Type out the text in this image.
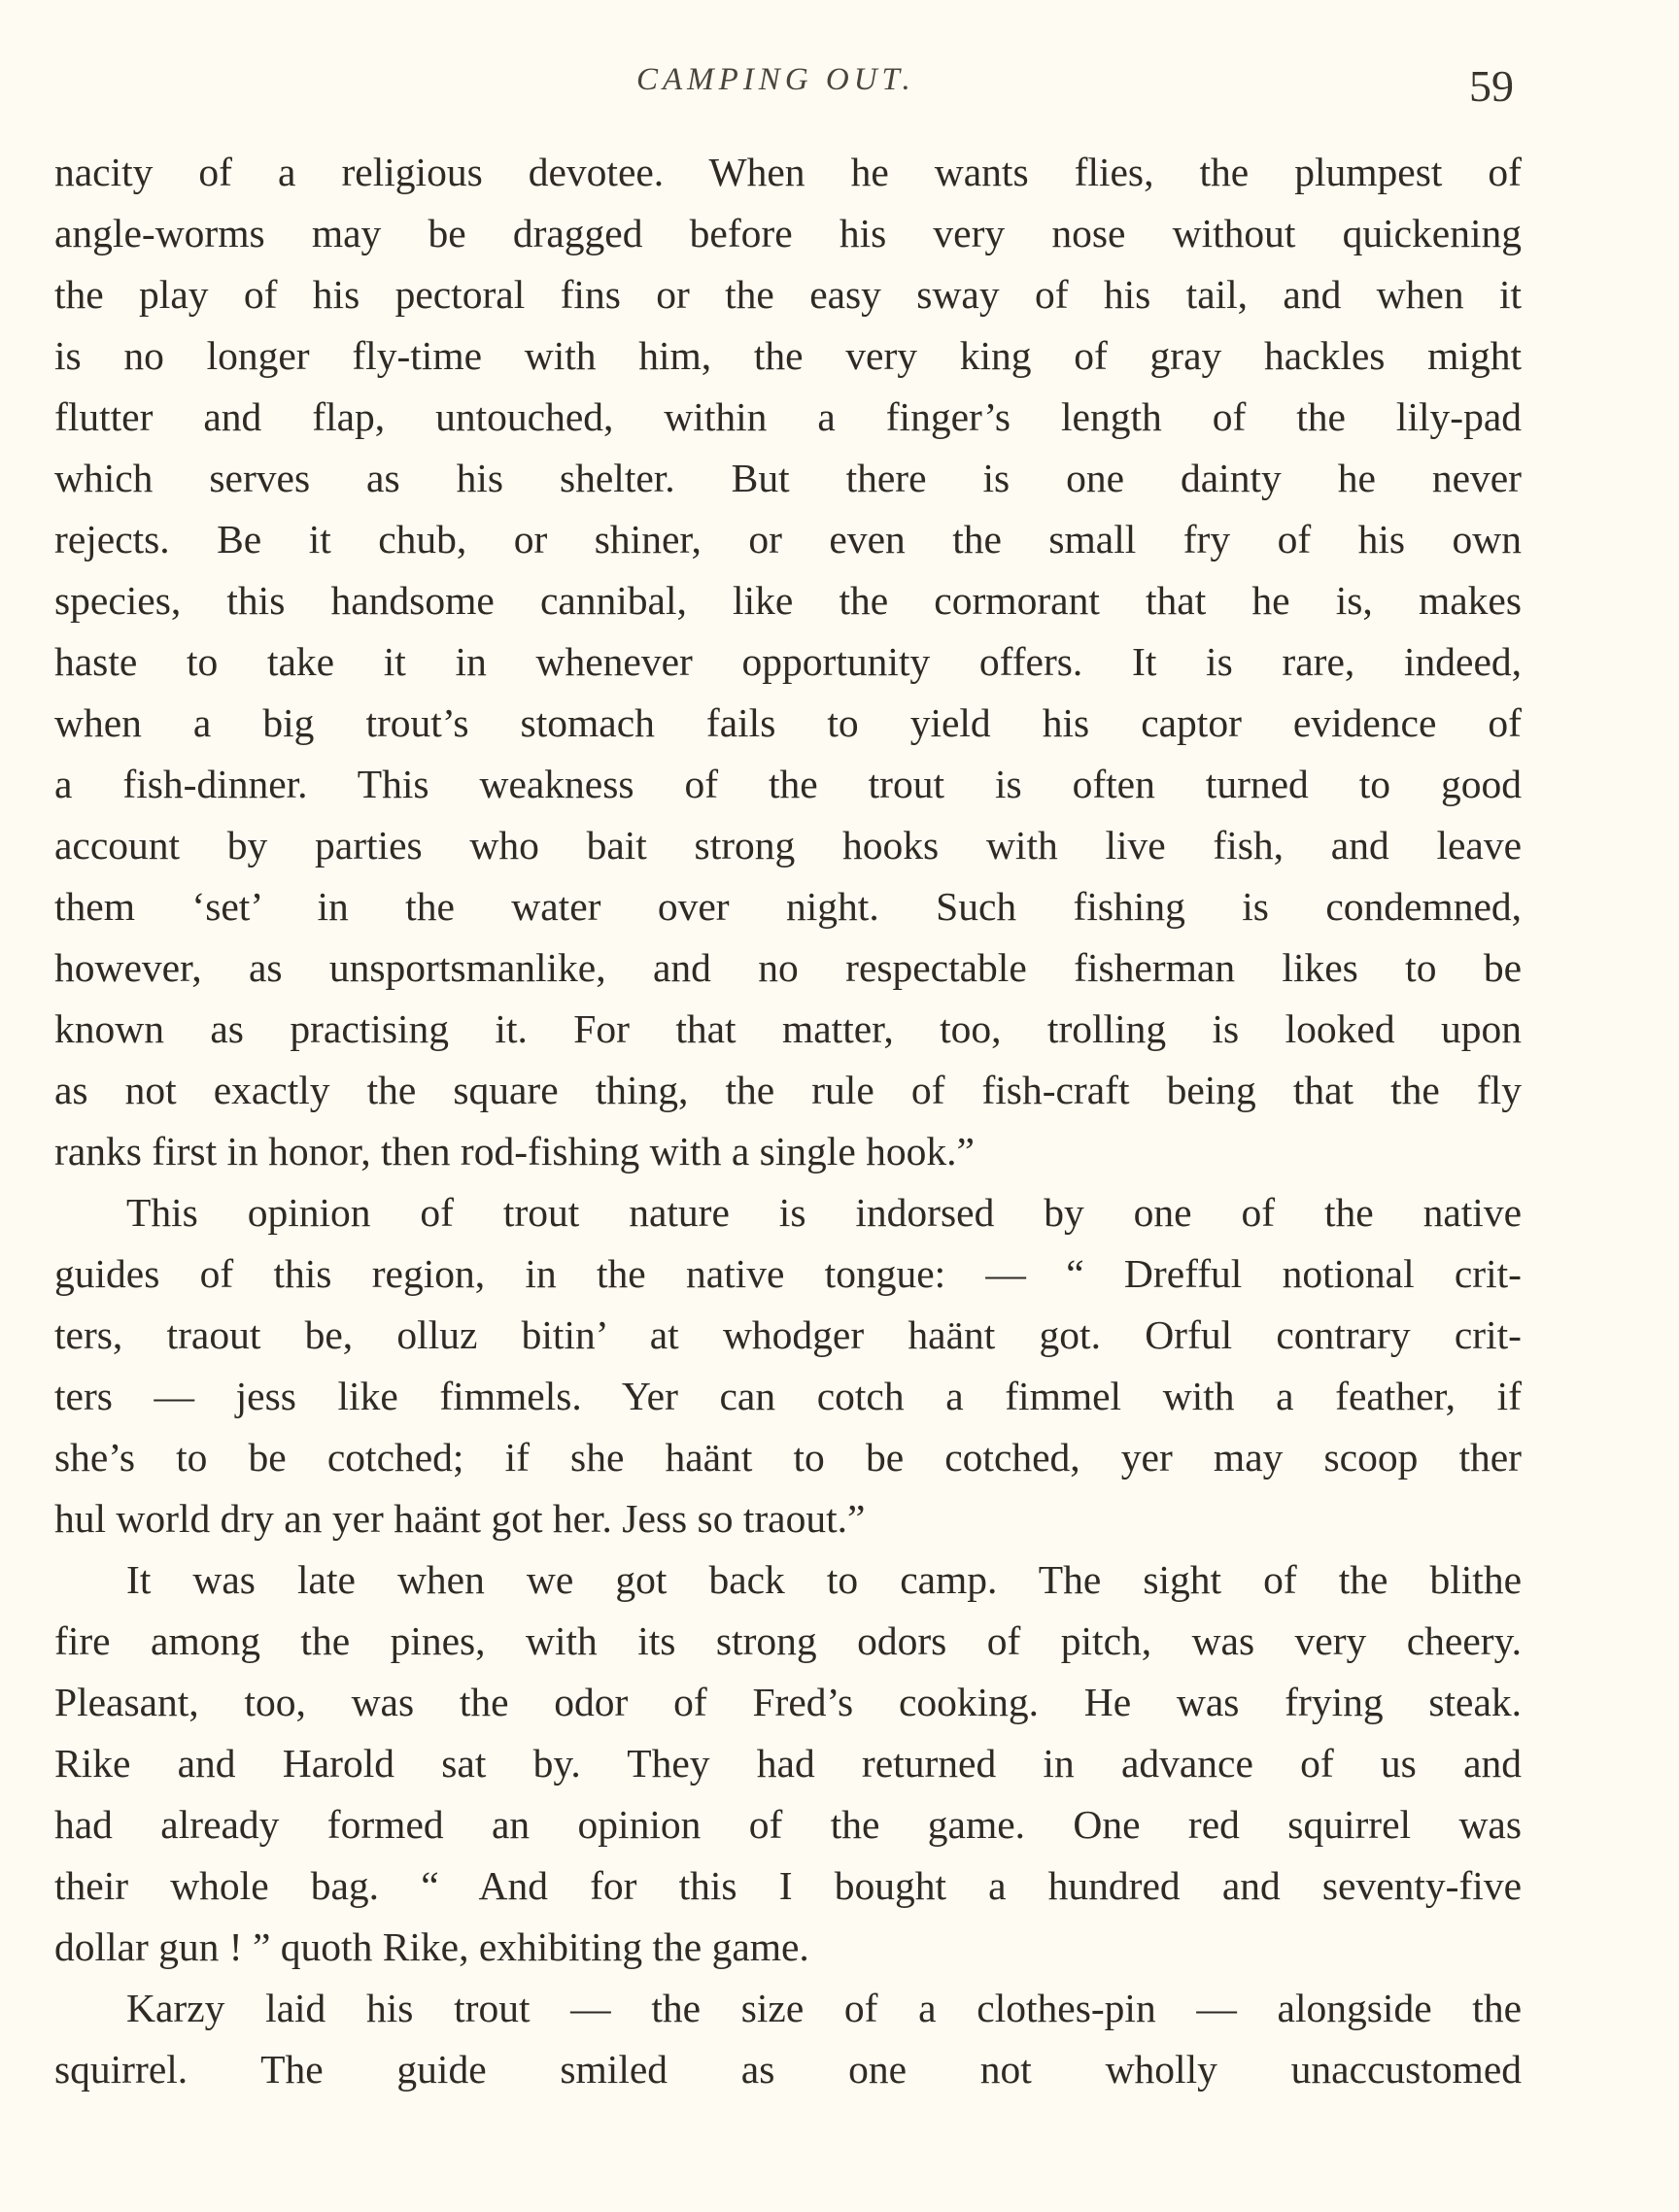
CAMPING OUT.	59
nacity of a religious devotee. When he wants flies, the plumpest of
angle-worms may be dragged before his very nose without quickening
the play of his pectoral fins or the easy sway of his tail, and when it
is no longer fly-time with him, the very king of gray hackles might
flutter and flap, untouched, within a finger’s length of the lily-pad
which serves as his shelter. But there is one dainty he never
rejects. Be it chub, or shiner, or even the small fry of his own
species, this handsome cannibal, like the cormorant that he is, makes
haste to take it in whenever opportunity offers. It is rare, indeed,
when a big trout’s stomach fails to yield his captor evidence of
a fish-dinner. This weakness of the trout is often turned to good
account by parties who bait strong hooks with live fish, and leave
them ‘set’ in the water over night. Such fishing is condemned,
however, as unsportsmanlike, and no respectable fisherman likes to be
known as practising it. For that matter, too, trolling is looked upon
as not exactly the square thing, the rule of fish-craft being that the fly
ranks first in honor, then rod-fishing with a single hook.”
This opinion of trout nature is indorsed by one of the native
guides of this region, in the native tongue: — “ Drefful notional crit-
ters, traout be, olluz bitin’ at whodger haänt got. Orful contrary crit-
ters — jess like fimmels. Yer can cotch a fimmel with a feather, if
she’s to be cotched; if she haänt to be cotched, yer may scoop ther
hul world dry an yer haänt got her. Jess so traout.”
It was late when we got back to camp. The sight of the blithe
fire among the pines, with its strong odors of pitch, was very cheery.
Pleasant, too, was the odor of Fred’s cooking. He was frying steak.
Rike and Harold sat by. They had returned in advance of us and
had already formed an opinion of the game. One red squirrel was
their whole bag. “ And for this I bought a hundred and seventy-five
dollar gun ! ” quoth Rike, exhibiting the game.
Karzy laid his trout — the size of a clothes-pin — alongside the
squirrel. The guide smiled as one not wholly unaccustomed
